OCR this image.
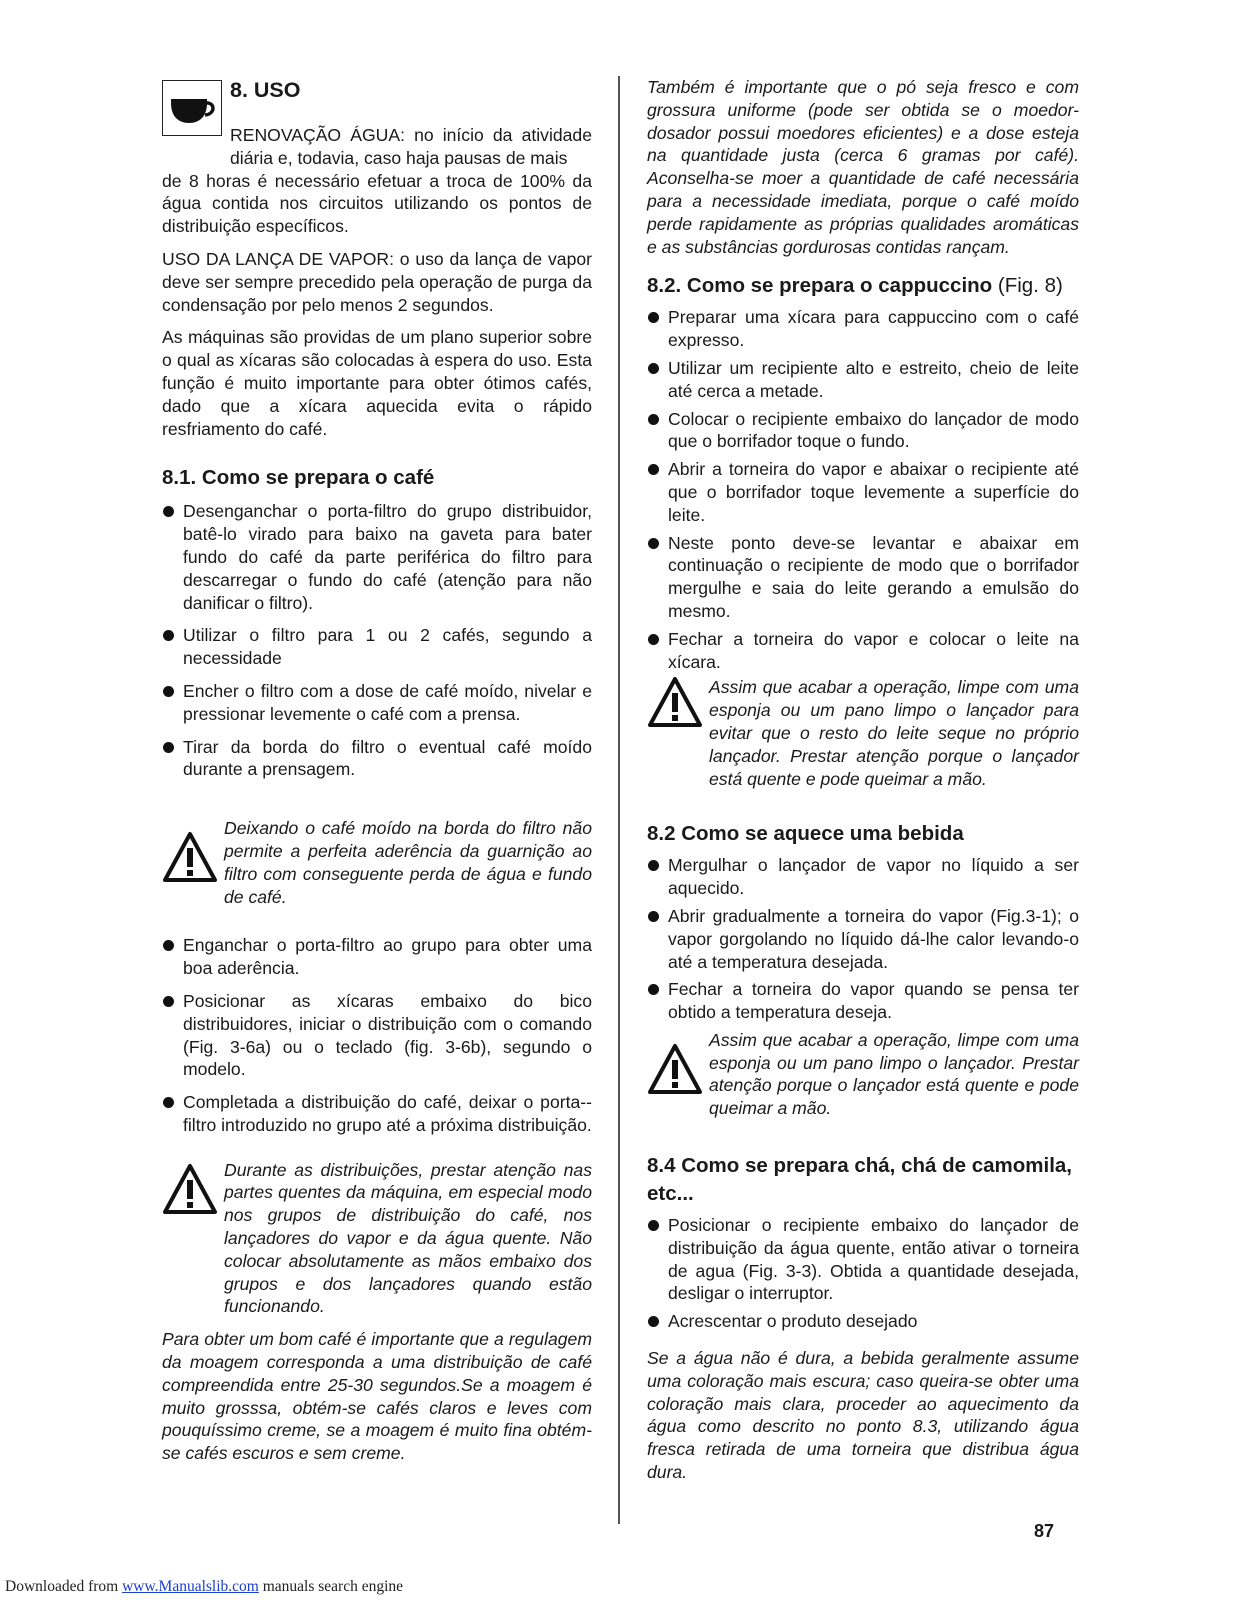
8. USO

RENOVAÇÃO ÁGUA: no início da atividade diária e, todavia, caso haja pausas de mais

de 8 horas é necessário efetuar a troca de 100% da água contida nos circuitos utilizando os pontos de distribuição específicos.

USO DA LANÇA DE VAPOR: o uso da lança de vapor deve ser sempre precedido pela operação de purga da condensação por pelo menos 2 segundos.

As máquinas são providas de um plano superior sobre o qual as xícaras são colocadas à espera do uso. Esta função é muito importante para obter ótimos cafés, dado que a xícara aquecida evita o rápido resfriamento do café.

8.1. Como se prepara o café
Desenganchar o porta-filtro do grupo distribuidor, batê-lo virado para baixo na gaveta para bater fundo do café da parte periférica do filtro para descarregar o fundo do café (atenção para não danificar o filtro).
Utilizar o filtro para 1 ou 2 cafés, segundo a necessidade
Encher o filtro com a dose de café moído, nivelar e pressionar levemente o café com a prensa.
Tirar da borda do filtro o eventual café moído durante a prensagem.

Deixando o café moído na borda do filtro não permite a perfeita aderência da guarnição ao filtro com conseguente perda de água e fundo de café.

Enganchar o porta-filtro ao grupo para obter uma boa aderência.
Posicionar as xícaras embaixo do bico distribuidores, iniciar o distribuição com o comando (Fig. 3-6a) ou o teclado (fig. 3-6b), segundo o modelo.
Completada a distribuição do café, deixar o porta--filtro introduzido no grupo até a próxima distribuição.

Durante as distribuições, prestar atenção nas partes quentes da máquina, em especial modo nos grupos de distribuição do café, nos lançadores do vapor e da água quente. Não colocar absolutamente as mãos embaixo dos grupos e dos lançadores quando estão funcionando.

Para obter um bom café é importante que a regulagem da moagem corresponda a uma distribuição de café compreendida entre 25-30 segundos.Se a moagem é muito grosssa, obtém-se cafés claros e leves com pouquíssimo creme, se a moagem é muito fina obtém-se cafés escuros e sem creme.

Também é importante que o pó seja fresco e com grossura uniforme (pode ser obtida se o moedor-dosador possui moedores eficientes) e a dose esteja na quantidade justa (cerca 6 gramas por café). Aconselha-se moer a quantidade de café necessária para a necessidade imediata, porque o café moído perde rapidamente as próprias qualidades aromáticas e as substâncias gordurosas contidas rançam.

8.2. Como se prepara o cappuccino (Fig. 8)
Preparar uma xícara para cappuccino com o café expresso.
Utilizar um recipiente alto e estreito, cheio de leite até cerca a metade.
Colocar o recipiente embaixo do lançador de modo que o borrifador toque o fundo.
Abrir a torneira do vapor e abaixar o recipiente até que o borrifador toque levemente a superfície do leite.
Neste ponto deve-se levantar e abaixar em continuação o recipiente de modo que o borrifador mergulhe e saia do leite gerando a emulsão do mesmo.
Fechar a torneira do vapor e colocar o leite na xícara.

Assim que acabar a operação, limpe com uma esponja ou um pano limpo o lançador para evitar que o resto do leite seque no próprio lançador. Prestar atenção porque o lançador está quente e pode queimar a mão.

8.2 Como se aquece uma bebida
Mergulhar o lançador de vapor no líquido a ser aquecido.
Abrir gradualmente a torneira do vapor (Fig.3-1); o vapor gorgolando no líquido dá-lhe calor levando-o até a temperatura desejada.
Fechar a torneira do vapor quando se pensa ter obtido a temperatura deseja.

Assim que acabar a operação, limpe com uma esponja ou um pano limpo o lançador. Prestar atenção porque o lançador está quente e pode queimar a mão.

8.4 Como se prepara chá, chá de camomila, etc...
Posicionar o recipiente embaixo do lançador de distribuição da água quente, então ativar o torneira de agua (Fig. 3-3). Obtida a quantidade desejada, desligar o interruptor.
Acrescentar o produto desejado

Se a água não é dura, a bebida geralmente assume uma coloração mais escura; caso queira-se obter uma coloração mais clara, proceder ao aquecimento da água como descrito no ponto 8.3, utilizando água fresca retirada de uma torneira que distribua água dura.

87
Downloaded from www.Manualslib.com manuals search engine
